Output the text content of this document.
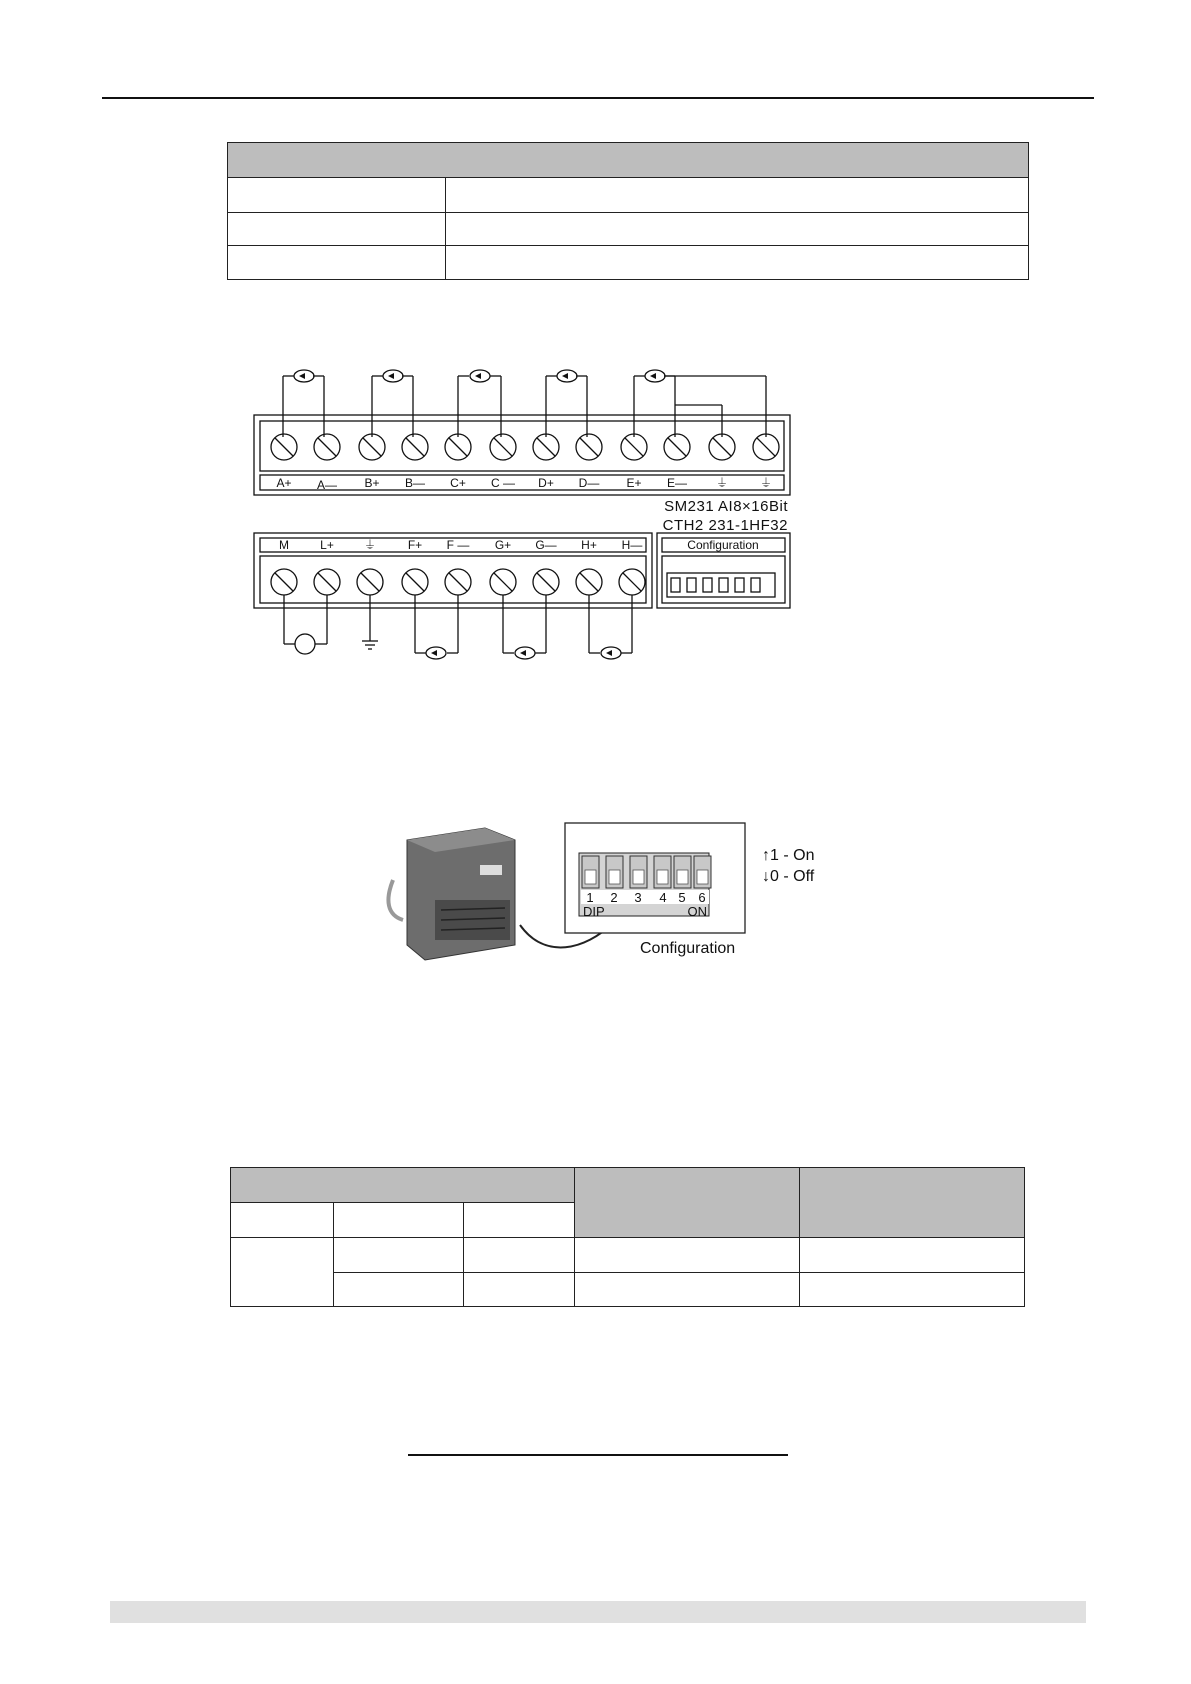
A+ A— B+ B— C+ C — D+ D— E+ E— ⏚	⏚
SM231 AI8×16Bit
CTH2 231-1HF32
M	L+	⏚	F+ F — G+ G— H+ H—	Configuration
1 2 3 4 5 6
DIP	ON
Configuration
↑1 - On
↓0 - Off
